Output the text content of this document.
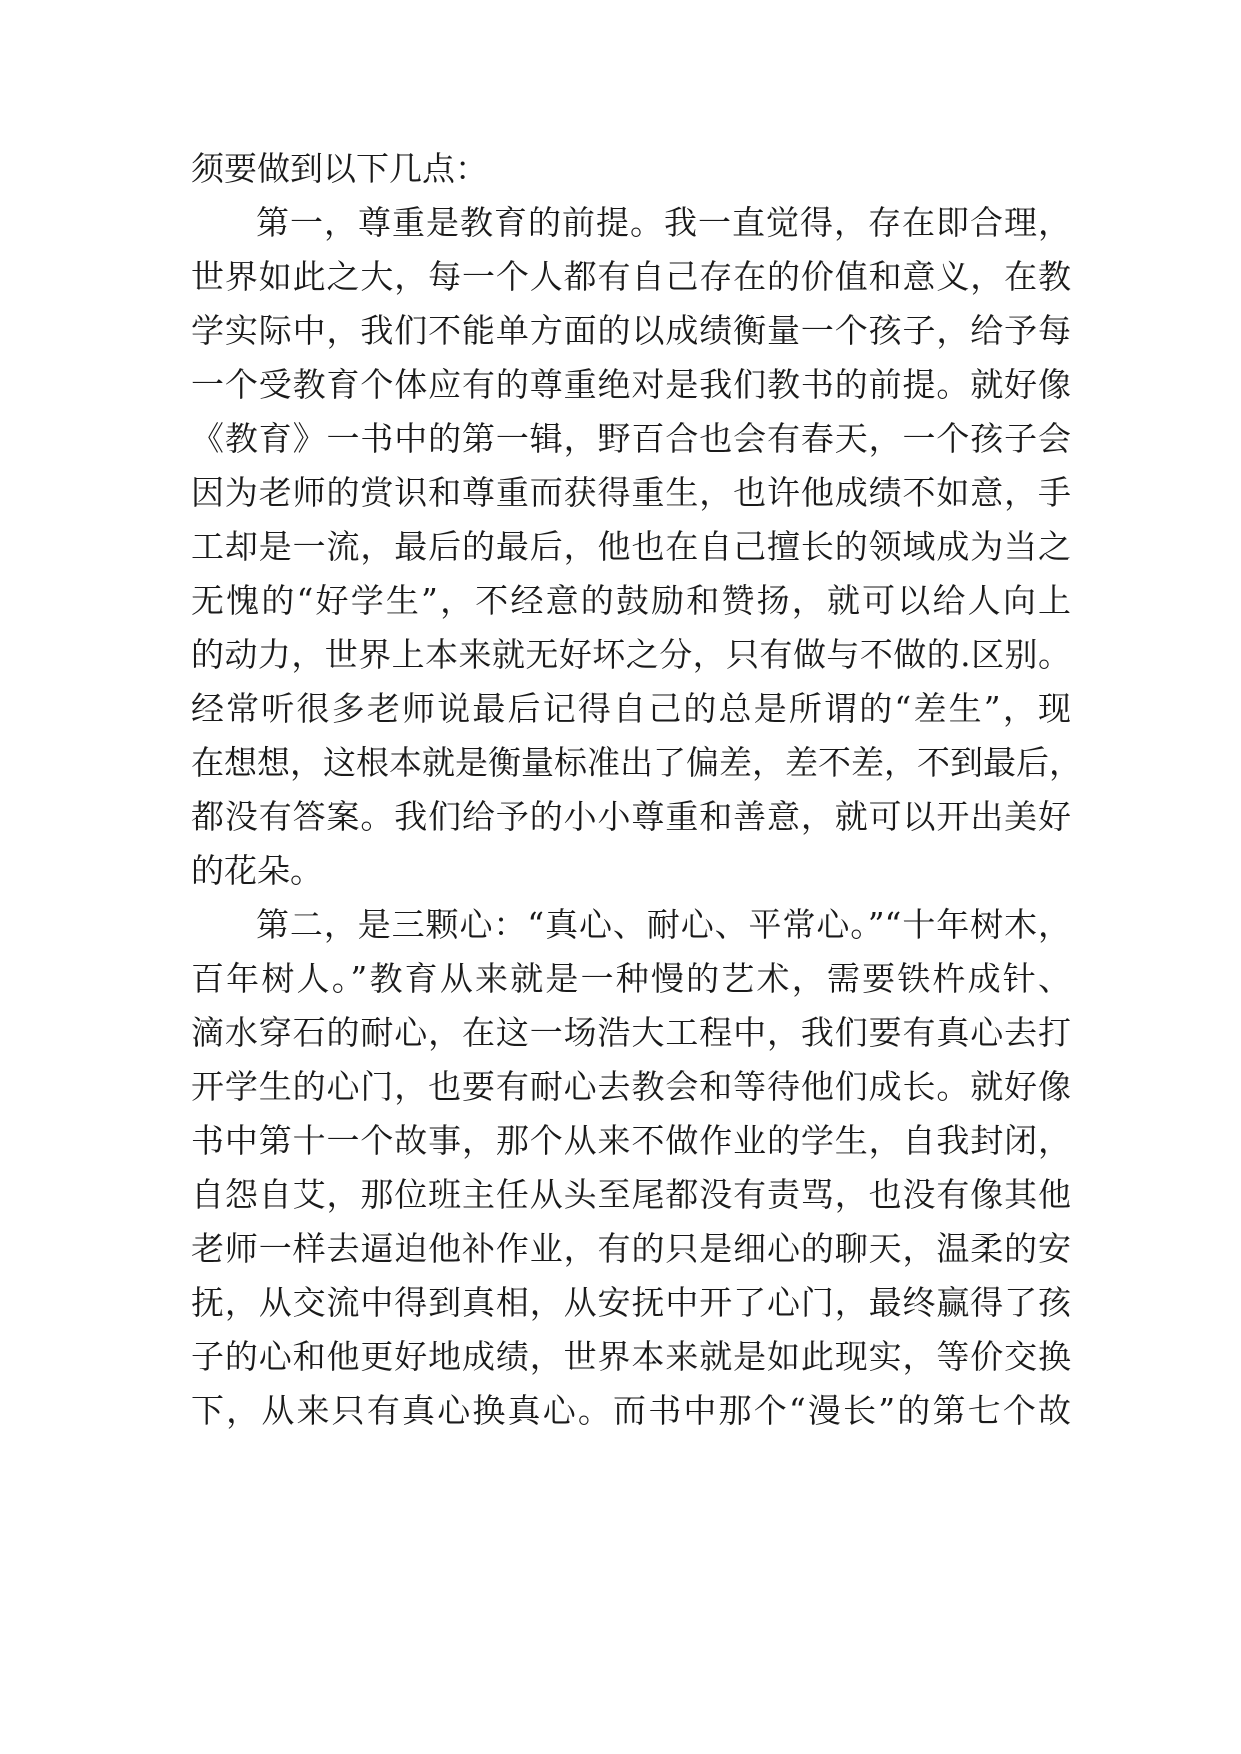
须要做到以下几点：
第一，尊重是教育的前提。我一直觉得，存在即合理，
世界如此之大，每一个人都有自己存在的价值和意义，在教
学实际中，我们不能单方面的以成绩衡量一个孩子，给予每
一个受教育个体应有的尊重绝对是我们教书的前提。就好像
《教育》一书中的第一辑，野百合也会有春天，一个孩子会
因为老师的赏识和尊重而获得重生，也许他成绩不如意，手
工却是一流，最后的最后，他也在自己擅长的领域成为当之
无愧的“好学生”，不经意的鼓励和赞扬，就可以给人向上
的动力，世界上本来就无好坏之分，只有做与不做的.区别。
经常听很多老师说最后记得自己的总是所谓的“差生”，现
在想想，这根本就是衡量标准出了偏差，差不差，不到最后，
都没有答案。我们给予的小小尊重和善意，就可以开出美好
的花朵。
第二，是三颗心：“真心、耐心、平常心。”“十年树木，
百年树人。”教育从来就是一种慢的艺术，需要铁杵成针、
滴水穿石的耐心，在这一场浩大工程中，我们要有真心去打
开学生的心门，也要有耐心去教会和等待他们成长。就好像
书中第十一个故事，那个从来不做作业的学生，自我封闭，
自怨自艾，那位班主任从头至尾都没有责骂，也没有像其他
老师一样去逼迫他补作业，有的只是细心的聊天，温柔的安
抚，从交流中得到真相，从安抚中开了心门，最终赢得了孩
子的心和他更好地成绩，世界本来就是如此现实，等价交换
下，从来只有真心换真心。而书中那个“漫长”的第七个故
